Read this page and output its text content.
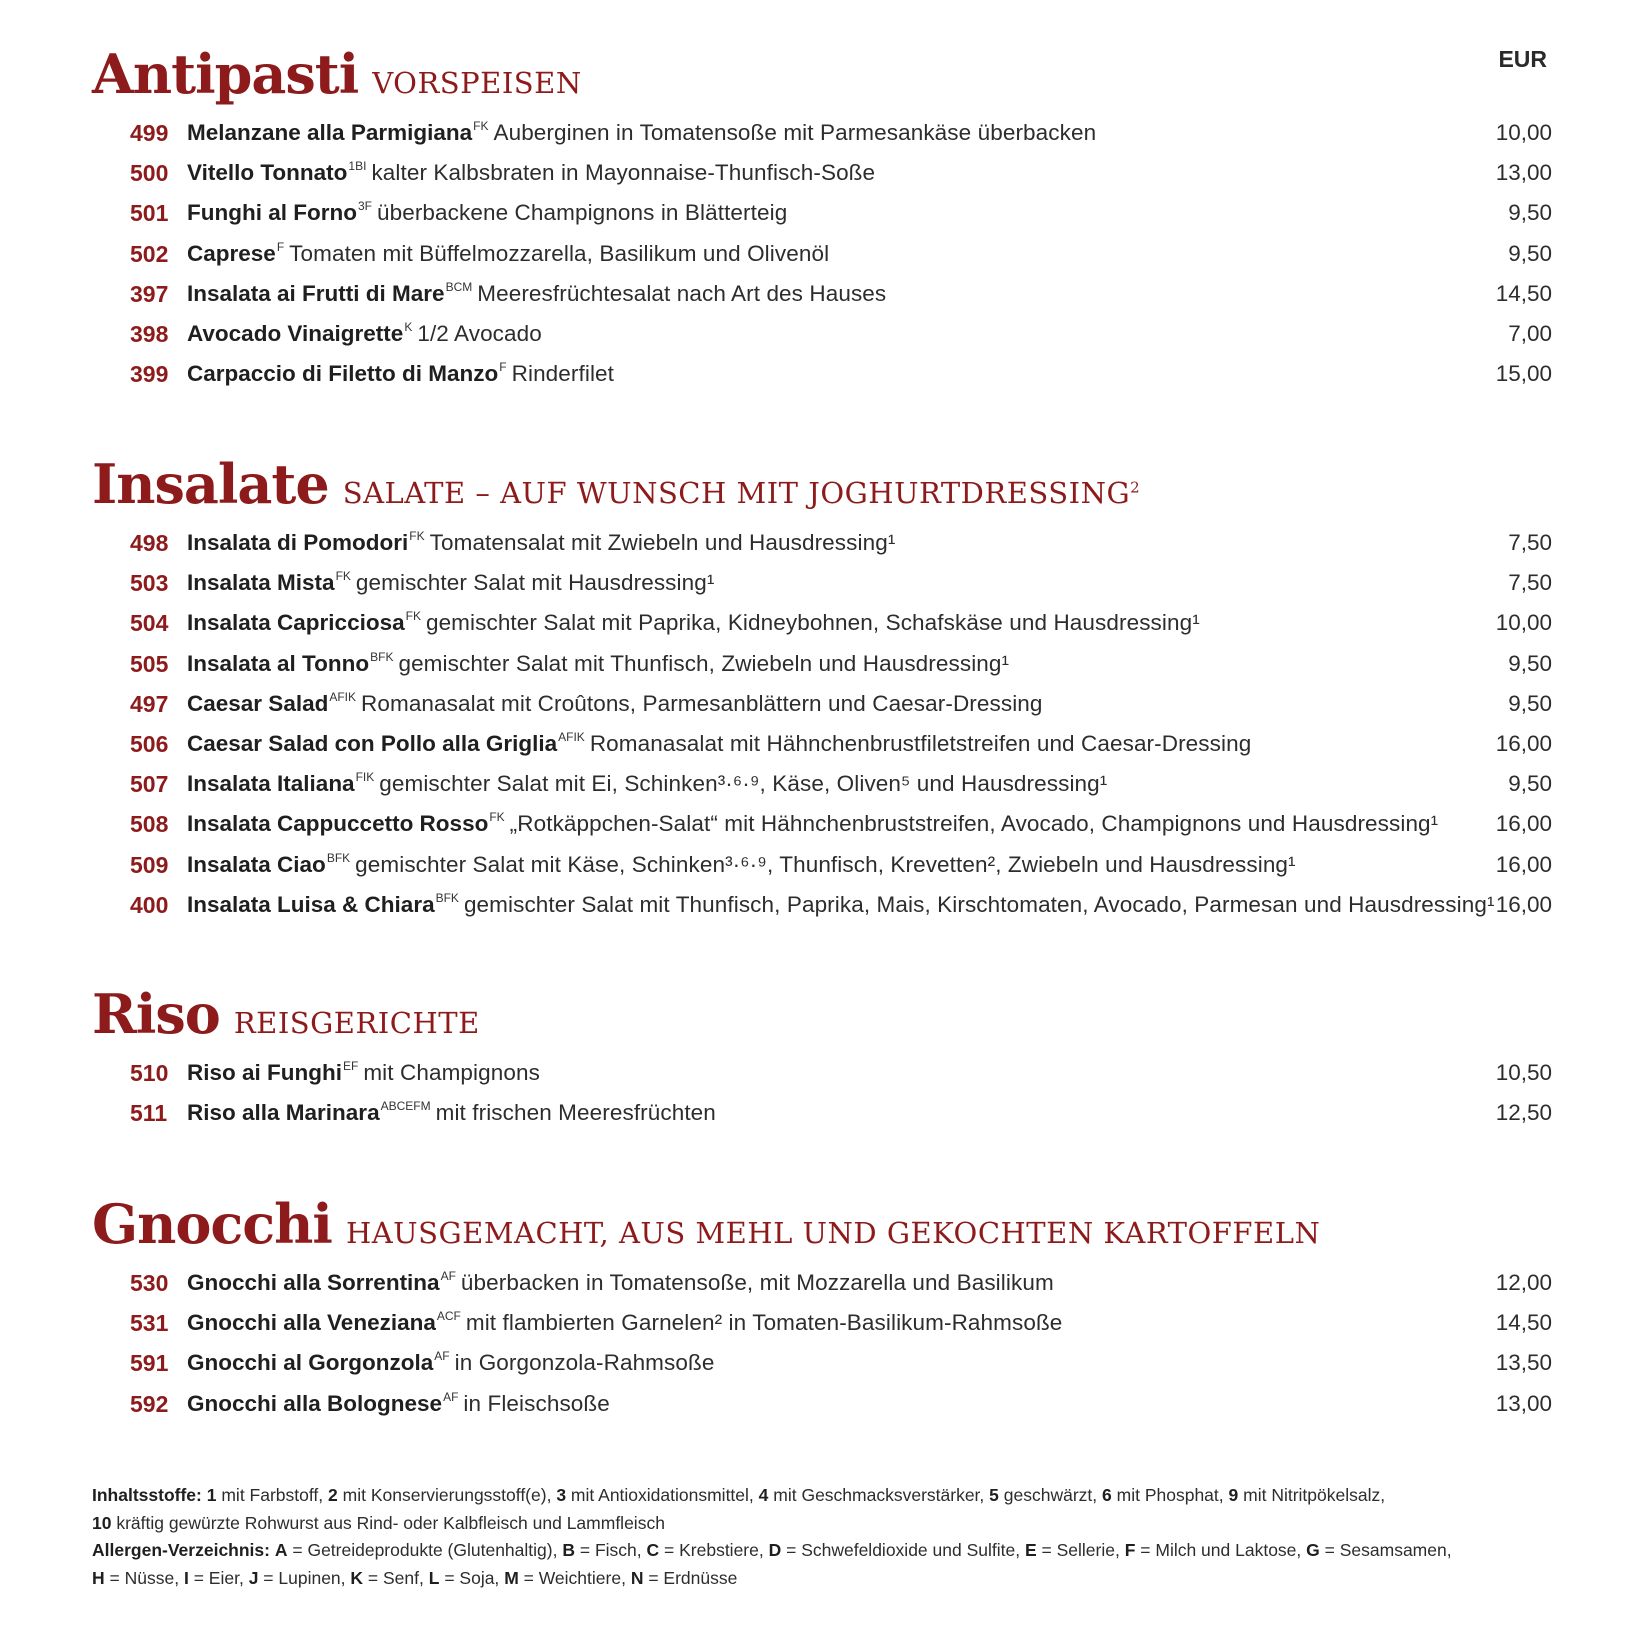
EUR
Antipasti VORSPEISEN
499 Melanzane alla Parmigiana$^{FK}$ Auberginen in Tomatensoße mit Parmesankäse überbacken	10,00
500 Vitello Tonnato$^{1BI}$ kalter Kalbsbraten in Mayonnaise-Thunfisch-Soße	13,00
501 Funghi al Forno$^{3F}$ überbackene Champignons in Blätterteig	9,50
502 Caprese$^F$ Tomaten mit Büffelmozzarella, Basilikum und Olivenöl	9,50
397 Insalata ai Frutti di Mare$^{BCM}$ Meeresfrüchtesalat nach Art des Hauses	14,50
398 Avocado Vinaigrette$^K$ 1/2 Avocado	7,00
399 Carpaccio di Filetto di Manzo$^F$ Rinderfilet	15,00
Insalate SALATE – AUF WUNSCH MIT JOGHURTDRESSING$^2$
498 Insalata di Pomodori$^{FK}$ Tomatensalat mit Zwiebeln und Hausdressing¹	7,50
503 Insalata Mista$^{FK}$ gemischter Salat mit Hausdressing¹	7,50
504 Insalata Capricciosa$^{FK}$ gemischter Salat mit Paprika, Kidneybohnen, Schafskäse und Hausdressing¹	10,00
505 Insalata al Tonno$^{BFK}$ gemischter Salat mit Thunfisch, Zwiebeln und Hausdressing¹	9,50
497 Caesar Salad$^{AFIK}$ Romanasalat mit Croûtons, Parmesanblättern und Caesar-Dressing	9,50
506 Caesar Salad con Pollo alla Griglia$^{AFIK}$ Romanasalat mit Hähnchenbrustfiletstreifen und Caesar-Dressing	16,00
507 Insalata Italiana$^{FIK}$ gemischter Salat mit Ei, Schinken³·⁶·⁹, Käse, Oliven⁵ und Hausdressing¹	9,50
508 Insalata Cappuccetto Rosso$^{FK}$ „Rotkäppchen-Salat“ mit Hähnchenbruststreifen, Avocado, Champignons und Hausdressing¹	16,00
509 Insalata Ciao$^{BFK}$ gemischter Salat mit Käse, Schinken³·⁶·⁹, Thunfisch, Krevetten², Zwiebeln und Hausdressing¹	16,00
400 Insalata Luisa & Chiara$^{BFK}$ gemischter Salat mit Thunfisch, Paprika, Mais, Kirschtomaten, Avocado, Parmesan und Hausdressing¹ 16,00
Riso REISGERICHTE
510 Riso ai Funghi$^{EF}$ mit Champignons	10,50
511 Riso alla Marinara$^{ABCEFM}$ mit frischen Meeresfrüchten	12,50
Gnocchi HAUSGEMACHT, AUS MEHL UND GEKOCHTEN KARTOFFELN
530 Gnocchi alla Sorrentina$^{AF}$ überbacken in Tomatensoße, mit Mozzarella und Basilikum	12,00
531 Gnocchi alla Veneziana$^{ACF}$ mit flambierten Garnelen² in Tomaten-Basilikum-Rahmsoße	14,50
591 Gnocchi al Gorgonzola$^{AF}$ in Gorgonzola-Rahmsoße	13,50
592 Gnocchi alla Bolognese$^{AF}$ in Fleischsoße	13,00
Inhaltsstoffe: 1 mit Farbstoff, 2 mit Konservierungsstoff(e), 3 mit Antioxidationsmittel, 4 mit Geschmacksverstärker, 5 geschwärzt, 6 mit Phosphat, 9 mit Nitritpökelsalz,
10 kräftig gewürzte Rohwurst aus Rind- oder Kalbfleisch und Lammfleisch
Allergen-Verzeichnis: A = Getreideprodukte (Glutenhaltig), B = Fisch, C = Krebstiere, D = Schwefeldioxide und Sulfite, E = Sellerie, F = Milch und Laktose, G = Sesamsamen,
H = Nüsse, I = Eier, J = Lupinen, K = Senf, L = Soja, M = Weichtiere, N = Erdnüsse
